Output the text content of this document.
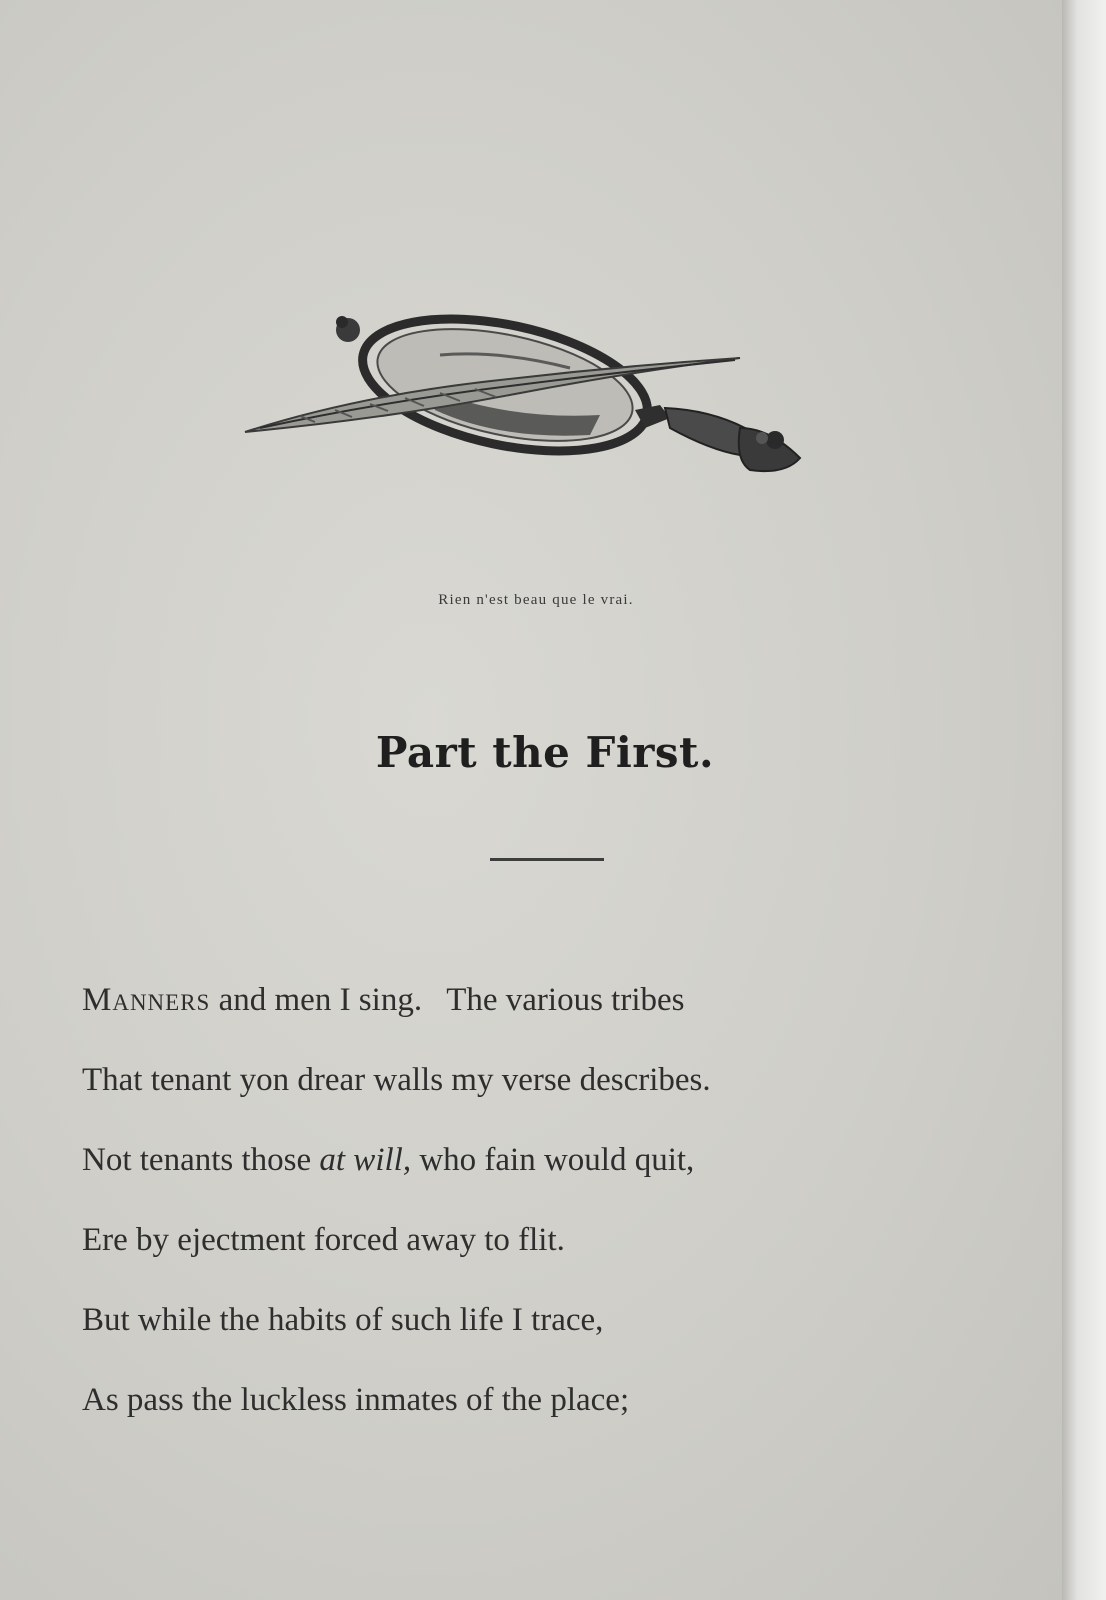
Rien n'est beau que le vrai.
Part the First.
Manners and men I sing.   The various tribes
That tenant yon drear walls my verse describes.
Not tenants those at will, who fain would quit,
Ere by ejectment forced away to flit.
But while the habits of such life I trace,
As pass the luckless inmates of the place;
